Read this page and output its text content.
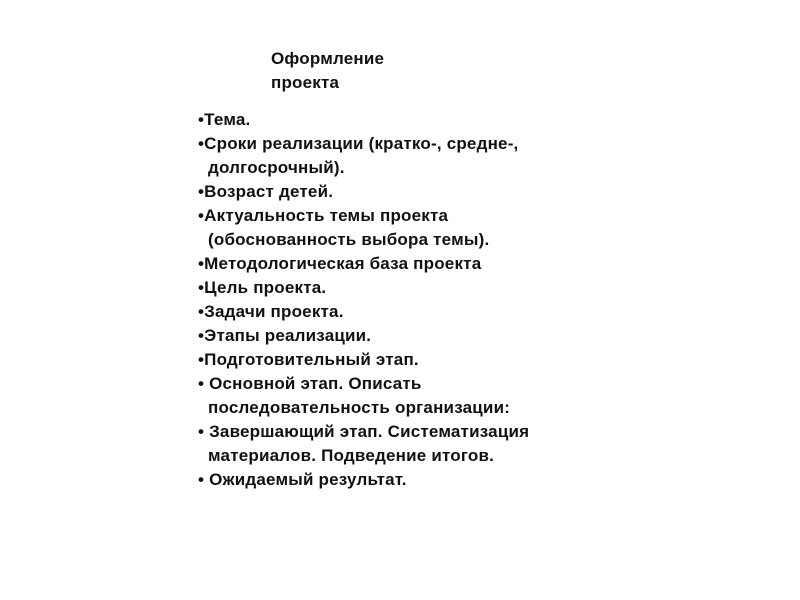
Оформление
проекта
•Тема.
•Сроки реализации (кратко-, средне-,
долгосрочный).
•Возраст детей.
•Актуальность темы проекта
(обоснованность выбора темы).
•Методологическая база проекта
•Цель проекта.
•Задачи проекта.
•Этапы реализации.
•Подготовительный этап.
• Основной этап. Описать
последовательность организации:
• Завершающий этап. Систематизация
материалов. Подведение итогов.
• Ожидаемый результат.
